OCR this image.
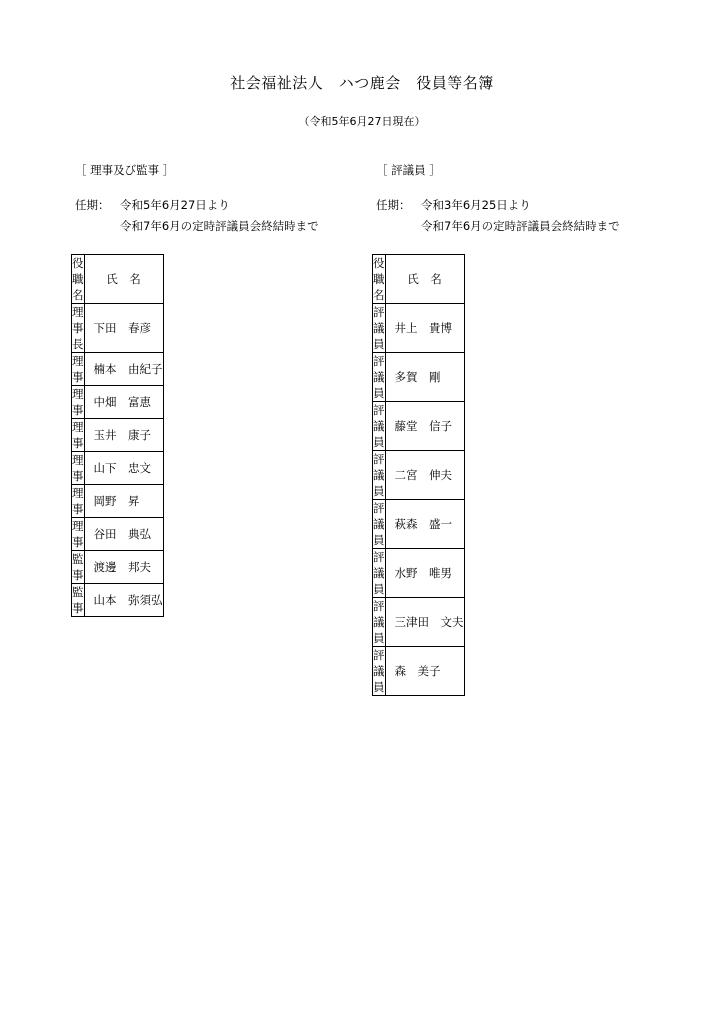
社会福祉法人　ハつ鹿会　役員等名簿
（令和5年6月27日現在）
［ 理事及び監事 ］
任期： 令和5年6月27日より
令和7年6月の定時評議員会終結時まで
役職名	氏　名
理事長	下田　春彦
理事	楠本　由紀子
理事	中畑　富恵
理事	玉井　康子
理事	山下　忠文
理事	岡野　昇
理事	谷田　典弘
監事	渡邊　邦夫
監事	山本　弥須弘
［ 評議員 ］
任期： 令和3年6月25日より
令和7年6月の定時評議員会終結時まで
役職名	氏　名
評議員	井上　貴博
評議員	多賀　剛
評議員	藤堂　信子
評議員	二宮　伸夫
評議員	萩森　盛一
評議員	水野　唯男
評議員	三津田　文夫
評議員	森　美子
